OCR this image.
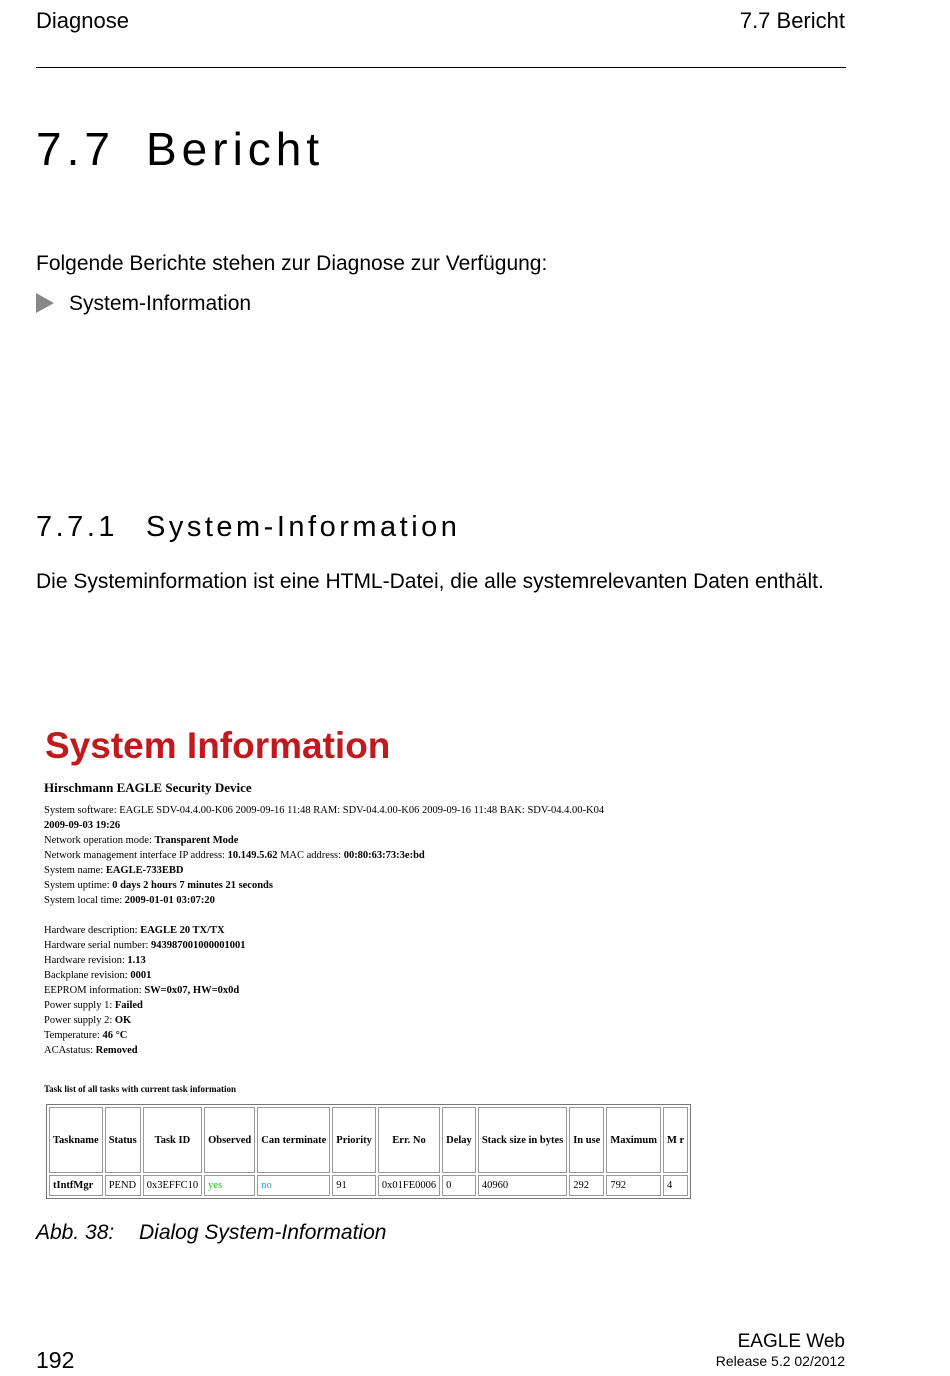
Diagnose	7.7 Bericht
7.7 Bericht
Folgende Berichte stehen zur Diagnose zur Verfügung:
System-Information
7.7.1 System-Information
Die Systeminformation ist eine HTML-Datei, die alle systemrelevanten Daten enthält.
System Information
Hirschmann EAGLE Security Device
System software: EAGLE SDV-04.4.00-K06 2009-09-16 11:48 RAM: SDV-04.4.00-K06 2009-09-16 11:48 BAK: SDV-04.4.00-K04
2009-09-03 19:26
Network operation mode: Transparent Mode
Network management interface IP address: 10.149.5.62 MAC address: 00:80:63:73:3e:bd
System name: EAGLE-733EBD
System uptime: 0 days 2 hours 7 minutes 21 seconds
System local time: 2009-01-01 03:07:20
Hardware description: EAGLE 20 TX/TX
Hardware serial number: 943987001000001001
Hardware revision: 1.13
Backplane revision: 0001
EEPROM information: SW=0x07, HW=0x0d
Power supply 1: Failed
Power supply 2: OK
Temperature: 46 °C
ACAstatus: Removed
Task list of all tasks with current task information
Taskname	Status	Task ID	Observed	Can terminate	Priority	Err. No	Delay	Stack size in bytes	In use	Maximum	M r
tIntfMgr	PEND	0x3EFFC10	yes	no	91	0x01FE0006	0	40960	292	792	4
Abb. 38: Dialog System-Information
192
EAGLE Web
Release 5.2 02/2012
